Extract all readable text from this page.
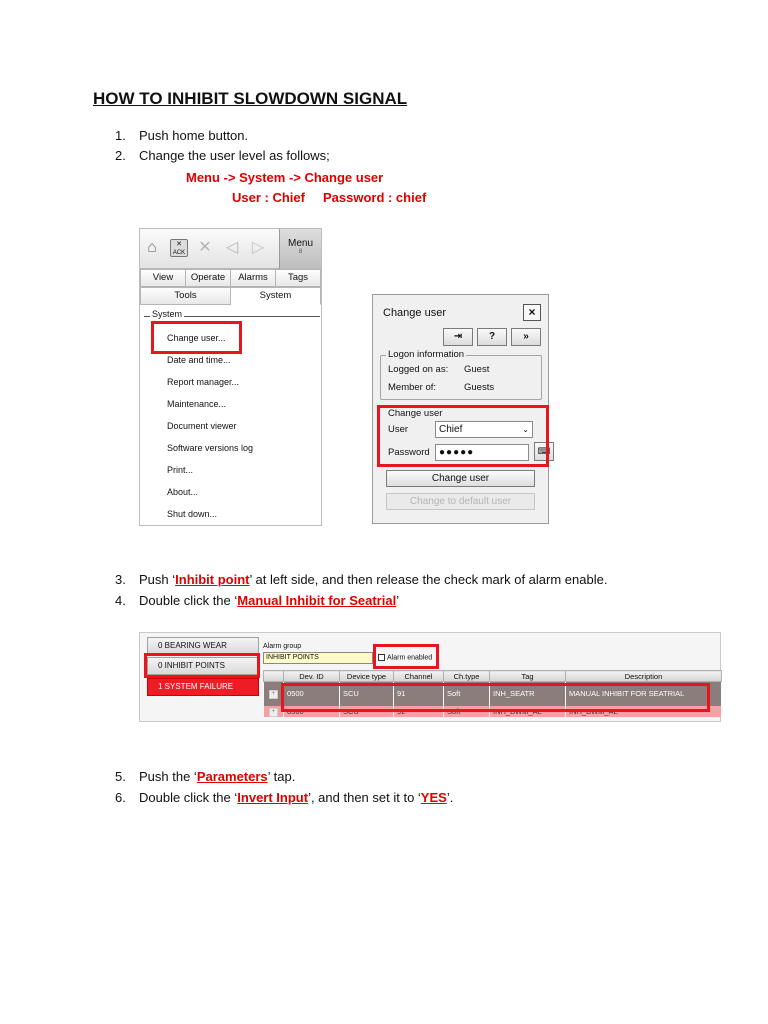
HOW TO INHIBIT SLOWDOWN SIGNAL
1. Push home button.
2. Change the user level as follows;
Menu -> System -> Change user
User : Chief Password : chief
⌂	✕
ACK ✕ ◁ ▷	Menu
8
View	Operate	Alarms	Tags
Tools	System
System
Change user...
Date and time...
Report manager...
Maintenance...
Document viewer
Software versions log
Print...
About...
Shut down...
Change user	×
⇥	?	»
Logon information
Logged on as: Guest
Member of:	Guests
Change user
User	Chief	⌄
Password ●●●●●	⌨
Change user
Change to default user
3. Push ‘Inhibit point’ at left side, and then release the check mark of alarm enable.
4. Double click the ‘Manual Inhibit for Seatrial’
0 BEARING WEAR
0 INHIBIT POINTS
1 SYSTEM FAILURE
Alarm group
INHIBIT POINTS	Alarm enabled
	Dev. ID	Device type	Channel	Ch.type	Tag	Description
+	0500	SCU	91	Soft	INH_SEATR	MANUAL INHIBIT FOR SEATRIAL
+	0500	SCU	92	Soft	INH_BWM_AL	INH_BWM_AL
5. Push the ‘Parameters’ tap.
6. Double click the ‘Invert Input’, and then set it to ‘YES’.
